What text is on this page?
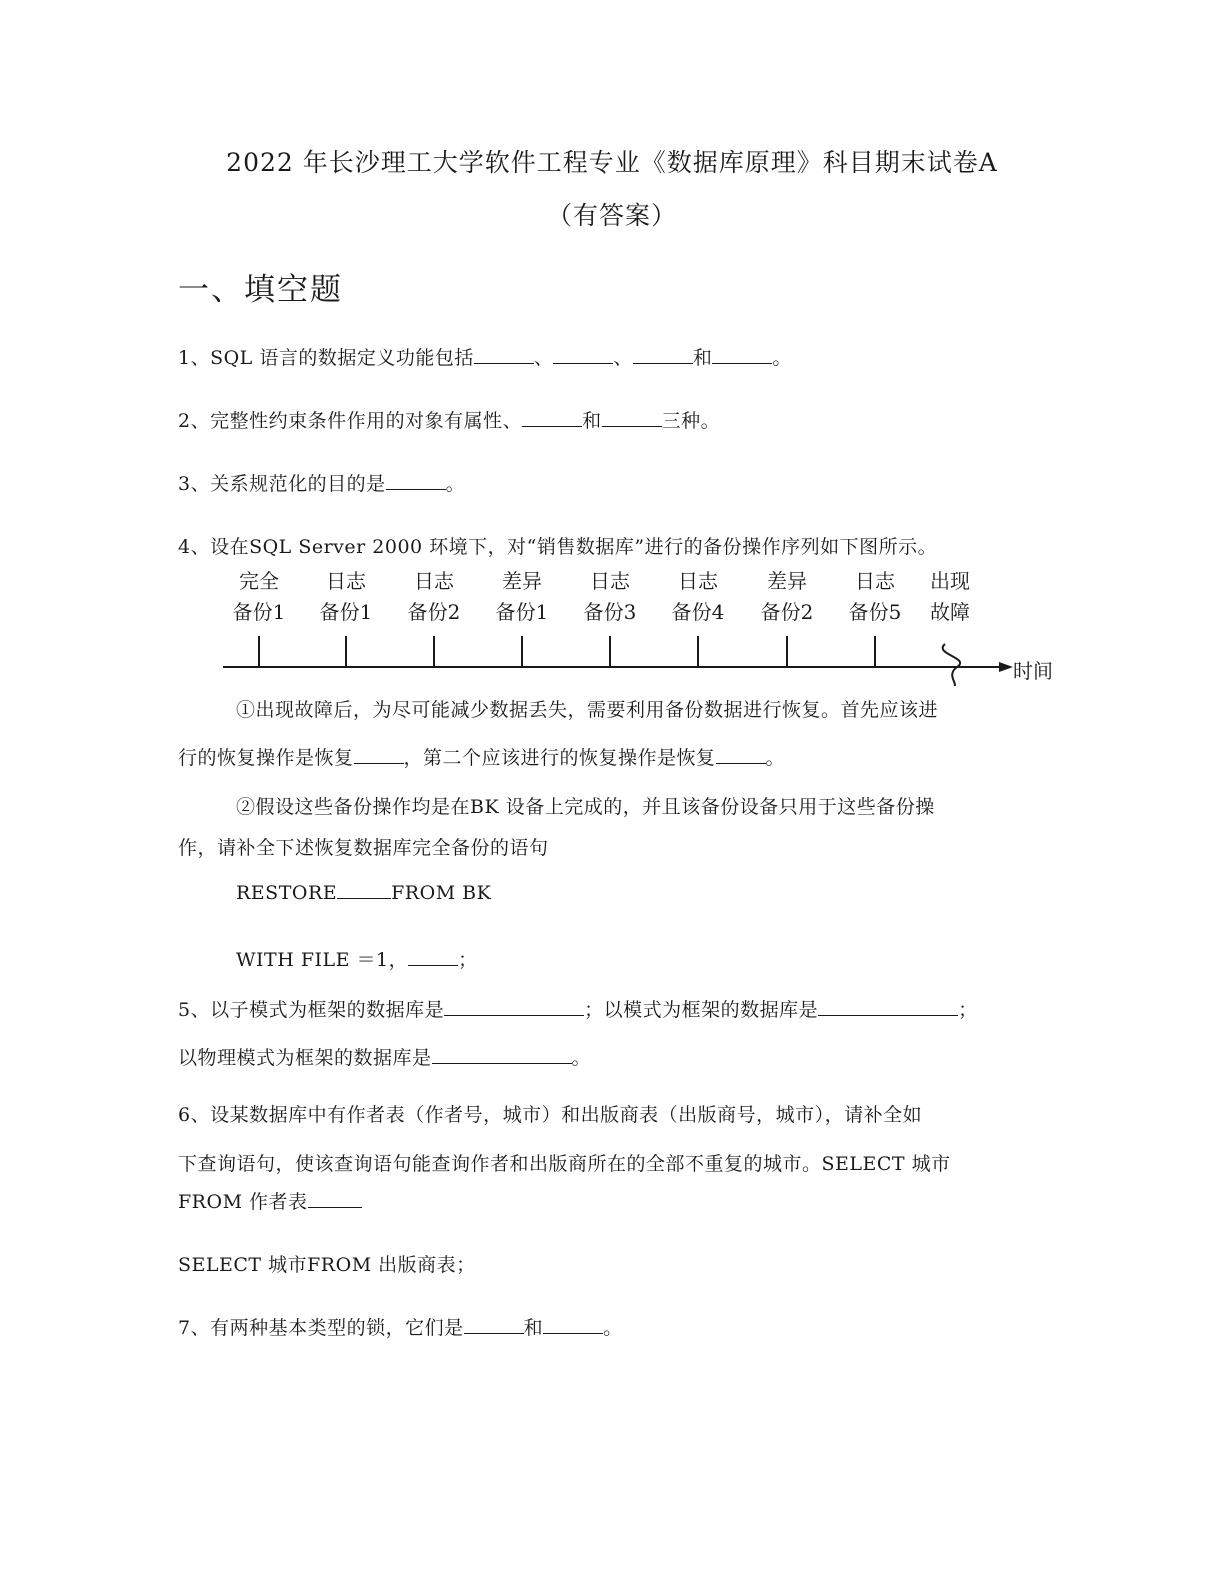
2022 年长沙理工大学软件工程专业《数据库原理》科目期末试卷A
（有答案）
一、填空题
1、SQL 语言的数据定义功能包括	、	、	和	。
2、完整性约束条件作用的对象有属性、	和	三种。
3、关系规范化的目的是	。
4、设在SQL Server 2000 环境下，对“销售数据库”进行的备份操作序列如下图所示。
完全
备份1
日志
备份1
日志
备份2
差异
备份1
日志
备份3
日志
备份4
差异
备份2
日志
备份5
出现
故障
时间
①出现故障后，为尽可能减少数据丢失，需要利用备份数据进行恢复。首先应该进
行的恢复操作是恢复	，第二个应该进行的恢复操作是恢复	。
②假设这些备份操作均是在BK 设备上完成的，并且该备份设备只用于这些备份操
作，请补全下述恢复数据库完全备份的语句
RESTORE	FROM BK
WITH FILE ＝1，	；
5、以子模式为框架的数据库是	；以模式为框架的数据库是	；
以物理模式为框架的数据库是	。
6、设某数据库中有作者表（作者号，城市）和出版商表（出版商号，城市），请补全如
下查询语句，使该查询语句能查询作者和出版商所在的全部不重复的城市。SELECT 城市
FROM 作者表
SELECT 城市FROM 出版商表；
7、有两种基本类型的锁，它们是	和	。
